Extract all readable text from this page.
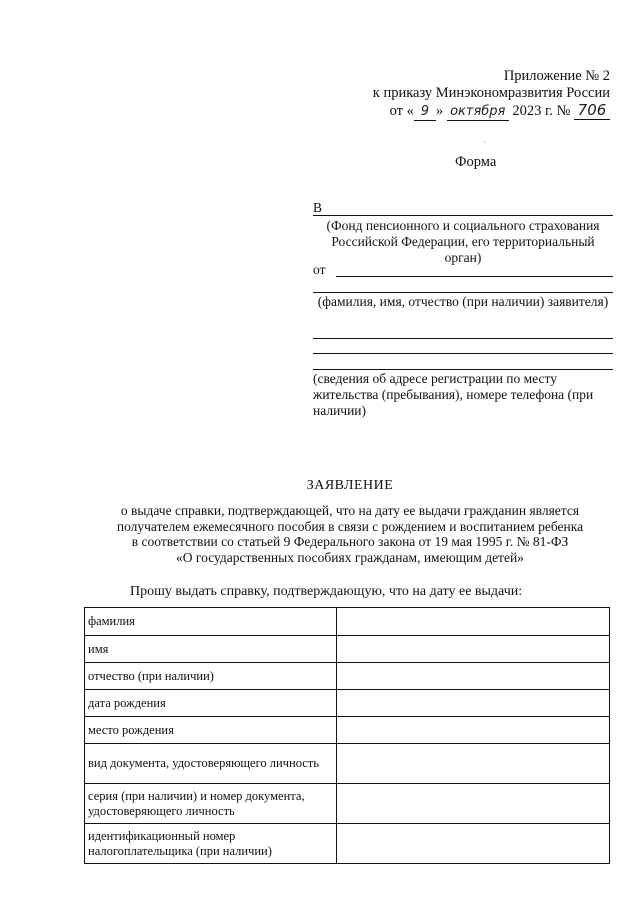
Приложение № 2
к приказу Минэкономразвития России
от « 9 » октября 2023 г. № 706
`
Форма
В
(Фонд пенсионного и социального страхования Российской Федерации, его территориальный орган)
от
(фамилия, имя, отчество (при наличии) заявителя)
(сведения об адресе регистрации по месту жительства (пребывания), номере телефона (при наличии)
ЗАЯВЛЕНИЕ
о выдаче справки, подтверждающей, что на дату ее выдачи гражданин является
получателем ежемесячного пособия в связи с рождением и воспитанием ребенка
в соответствии со статьей 9 Федерального закона от 19 мая 1995 г. № 81-ФЗ
«О государственных пособиях гражданам, имеющим детей»
Прошу выдать справку, подтверждающую, что на дату ее выдачи:
фамилия	
имя	
отчество (при наличии)	
дата рождения	
место рождения	
вид документа, удостоверяющего личность	
серия (при наличии) и номер документа, удостоверяющего личность	
идентификационный номер налогоплательщика (при наличии)	
